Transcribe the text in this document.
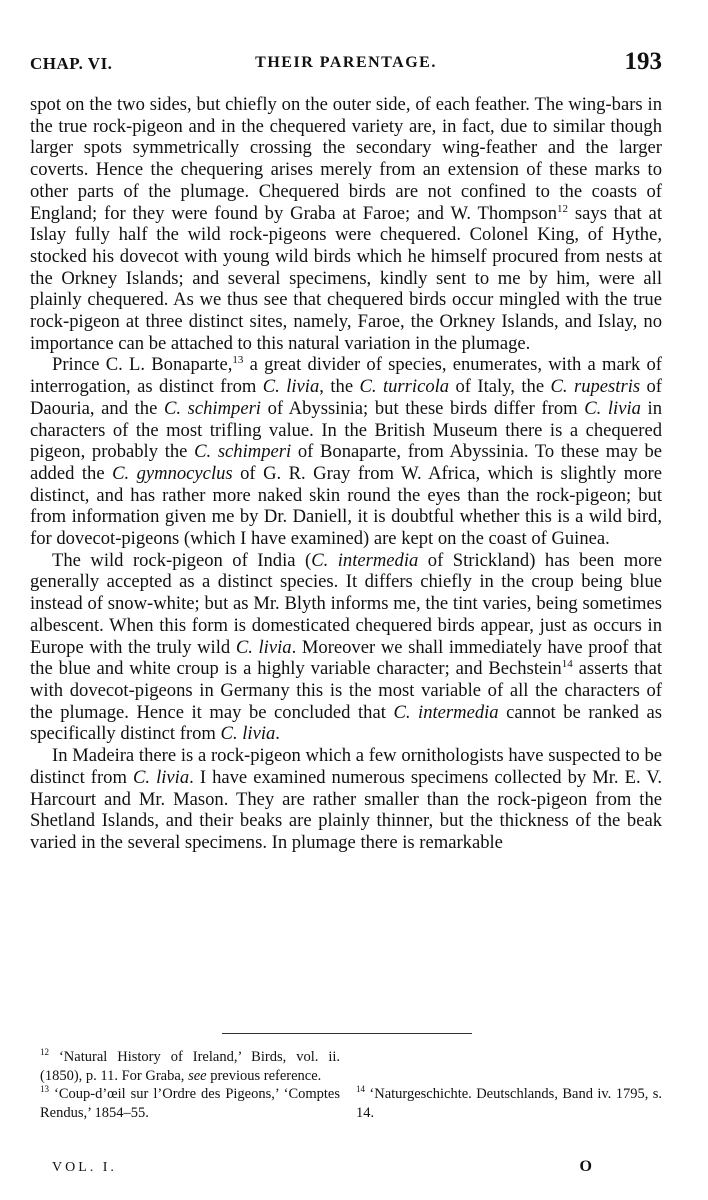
CHAP. VI.	THEIR PARENTAGE.	193

spot on the two sides, but chiefly on the outer side, of each feather. The wing-bars in the true rock-pigeon and in the chequered variety are, in fact, due to similar though larger spots symmetrically crossing the secondary wing-feather and the larger coverts. Hence the chequering arises merely from an extension of these marks to other parts of the plumage. Chequered birds are not confined to the coasts of England; for they were found by Graba at Faroe; and W. Thompson$^{12}$ says that at Islay fully half the wild rock-pigeons were chequered. Colonel King, of Hythe, stocked his dovecot with young wild birds which he himself procured from nests at the Orkney Islands; and several specimens, kindly sent to me by him, were all plainly chequered. As we thus see that chequered birds occur mingled with the true rock-pigeon at three distinct sites, namely, Faroe, the Orkney Islands, and Islay, no importance can be attached to this natural variation in the plumage.

Prince C. L. Bonaparte,$^{13}$ a great divider of species, enumerates, with a mark of interrogation, as distinct from C. livia, the C. turricola of Italy, the C. rupestris of Daouria, and the C. schimperi of Abyssinia; but these birds differ from C. livia in characters of the most trifling value. In the British Museum there is a chequered pigeon, probably the C. schimperi of Bonaparte, from Abyssinia. To these may be added the C. gymnocyclus of G. R. Gray from W. Africa, which is slightly more distinct, and has rather more naked skin round the eyes than the rock-pigeon; but from information given me by Dr. Daniell, it is doubtful whether this is a wild bird, for dovecot-pigeons (which I have examined) are kept on the coast of Guinea.

The wild rock-pigeon of India (C. intermedia of Strickland) has been more generally accepted as a distinct species. It differs chiefly in the croup being blue instead of snow-white; but as Mr. Blyth informs me, the tint varies, being sometimes albescent. When this form is domesticated chequered birds appear, just as occurs in Europe with the truly wild C. livia. Moreover we shall immediately have proof that the blue and white croup is a highly variable character; and Bechstein$^{14}$ asserts that with dovecot-pigeons in Germany this is the most variable of all the characters of the plumage. Hence it may be concluded that C. intermedia cannot be ranked as specifically distinct from C. livia.

In Madeira there is a rock-pigeon which a few ornithologists have suspected to be distinct from C. livia. I have examined numerous specimens collected by Mr. E. V. Harcourt and Mr. Mason. They are rather smaller than the rock-pigeon from the Shetland Islands, and their beaks are plainly thinner, but the thickness of the beak varied in the several specimens. In plumage there is remarkable

$^{12}$ ‘Natural History of Ireland,’ Birds, vol. ii. (1850), p. 11. For Graba, see previous reference.

$^{13}$ ‘Coup-d’œil sur l’Ordre des Pigeons,’ ‘Comptes Rendus,’ 1854–55.

$^{14}$ ‘Naturgeschichte. Deutschlands, Band iv. 1795, s. 14.

VOL. I.	O
